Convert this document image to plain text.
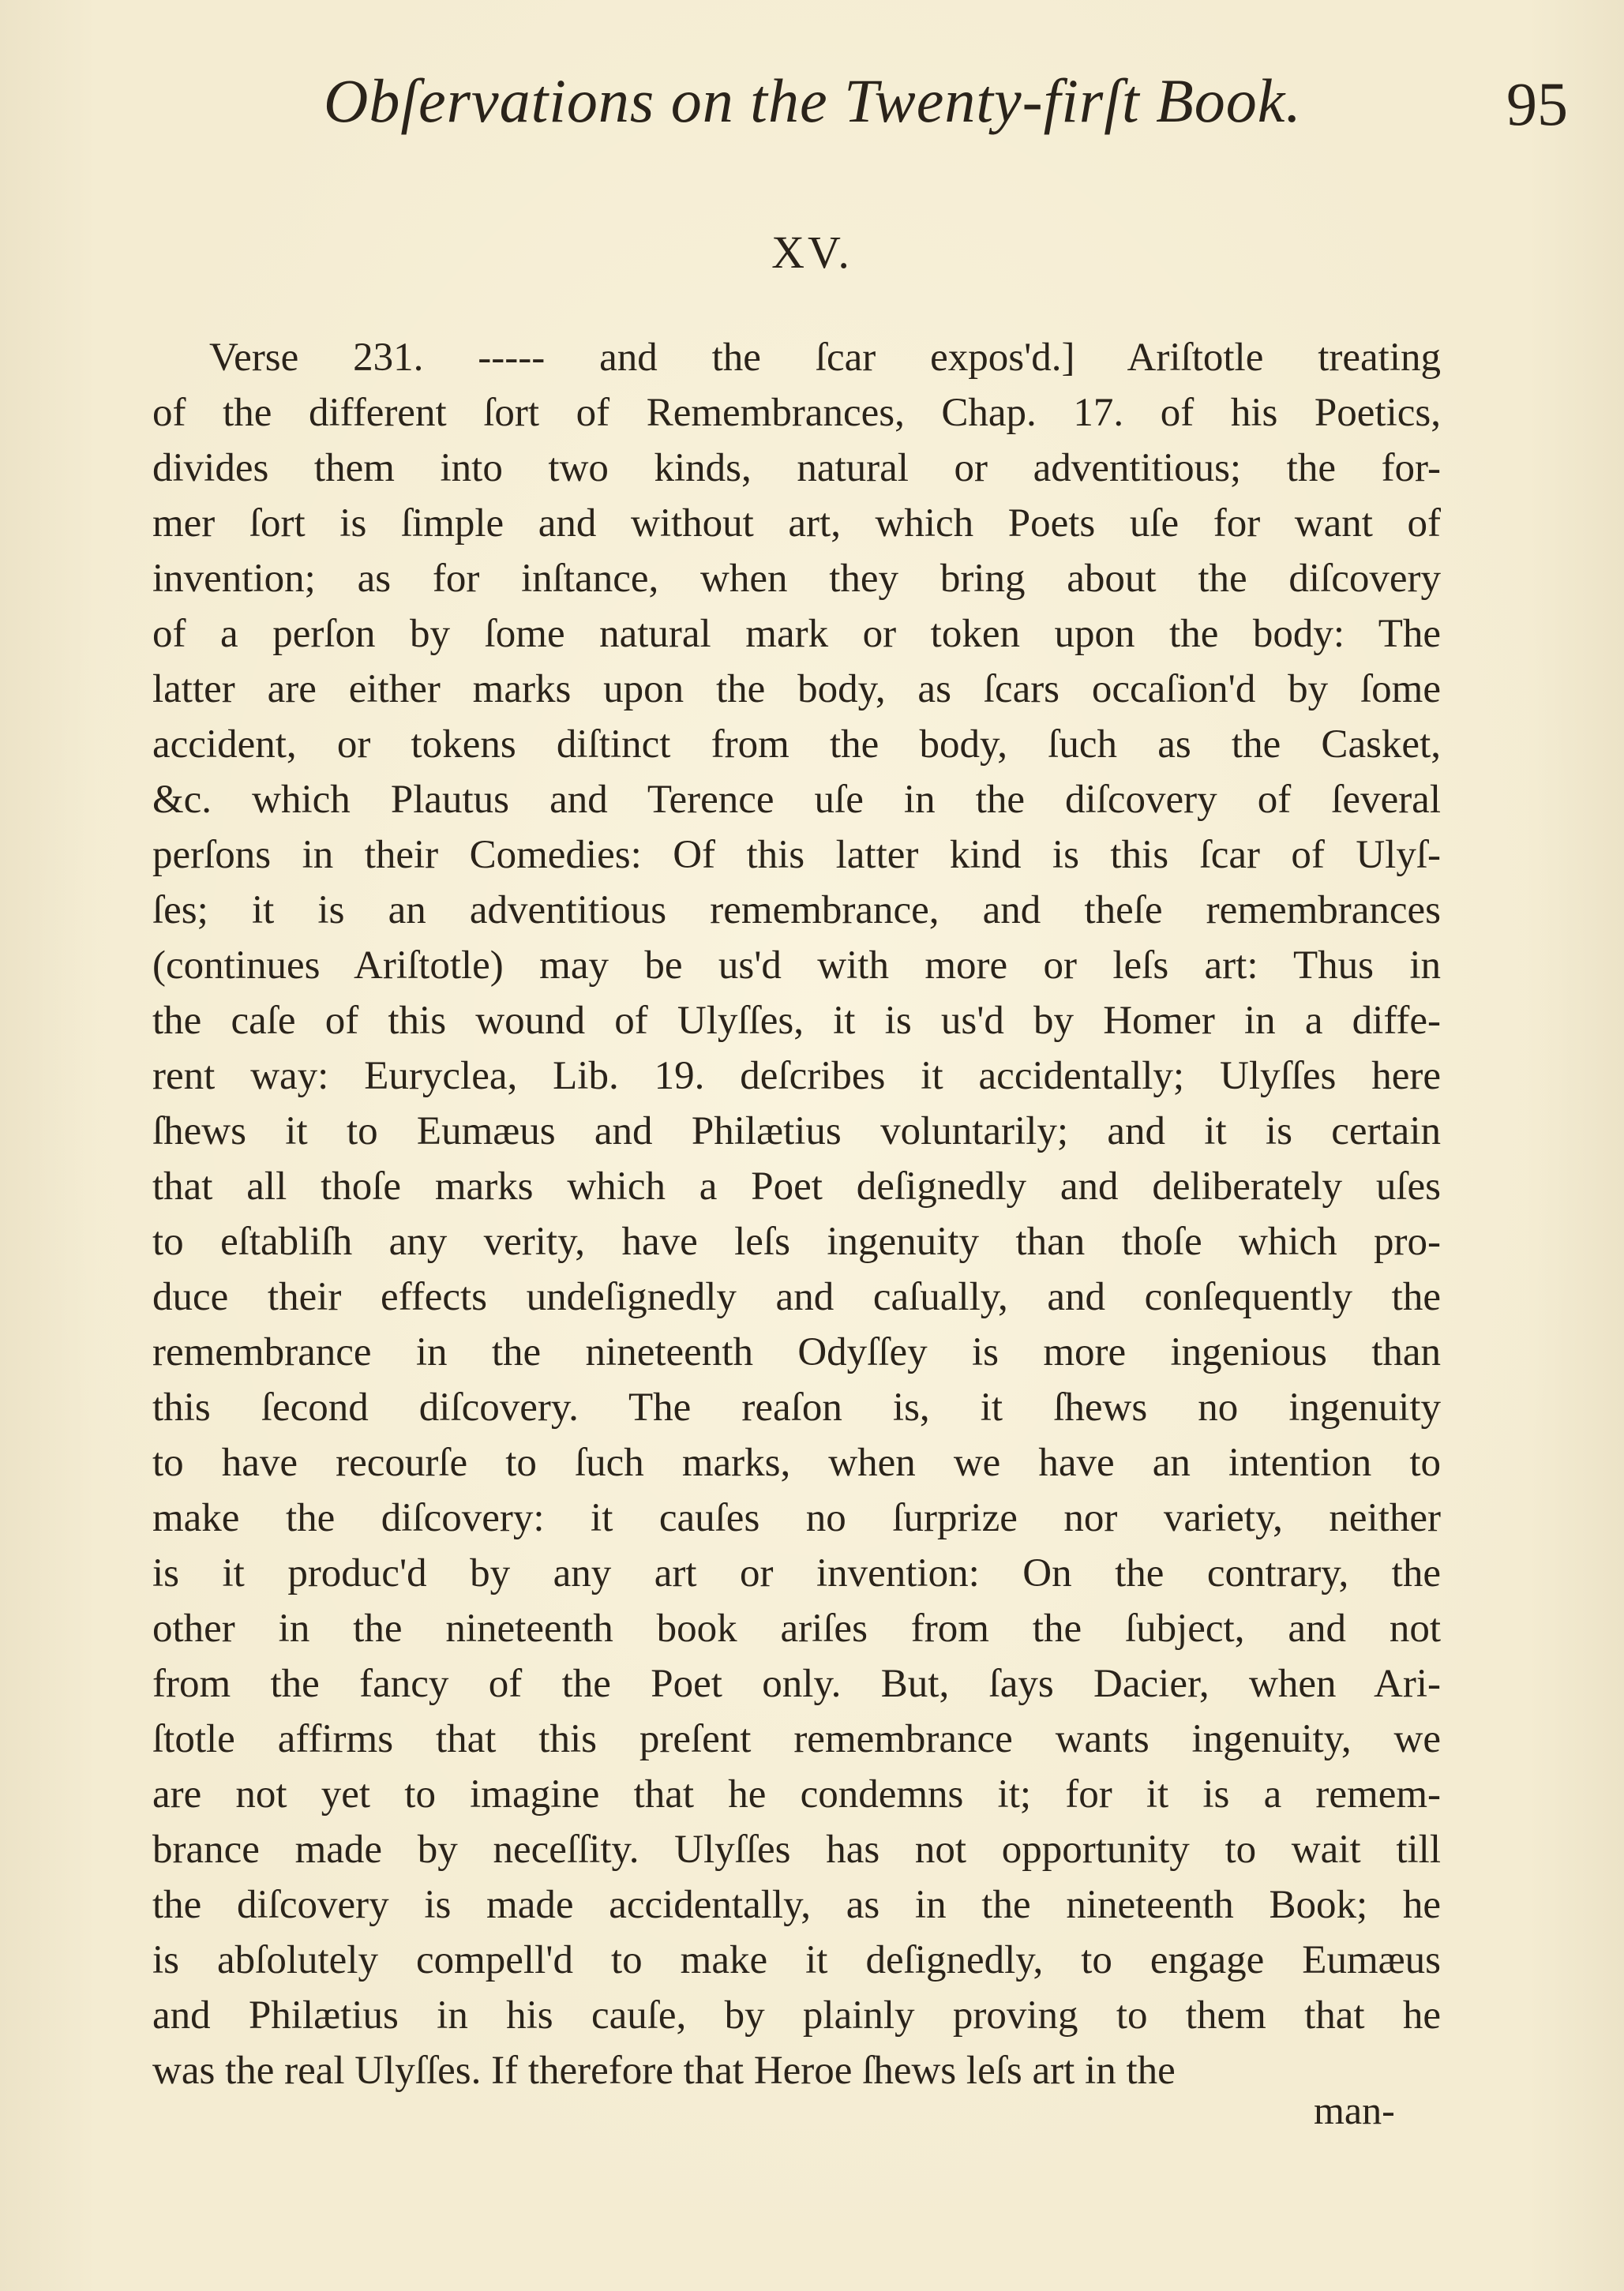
Obſervations on the Twenty-firſt Book.	95
XV.
Verse 231. ----- and the ſcar expos'd.] Ariſtotle treating
of the different ſort of Remembrances, Chap. 17. of his Poetics,
divides them into two kinds, natural or adventitious; the for-
mer ſort is ſimple and without art, which Poets uſe for want of
invention; as for inſtance, when they bring about the diſcovery
of a perſon by ſome natural mark or token upon the body: The
latter are either marks upon the body, as ſcars occaſion'd by ſome
accident, or tokens diſtinct from the body, ſuch as the Casket,
&c. which Plautus and Terence uſe in the diſcovery of ſeveral
perſons in their Comedies: Of this latter kind is this ſcar of Ulyſ-
ſes; it is an adventitious remembrance, and theſe remembrances
(continues Ariſtotle) may be us'd with more or leſs art: Thus in
the caſe of this wound of Ulyſſes, it is us'd by Homer in a diffe-
rent way: Euryclea, Lib. 19. deſcribes it accidentally; Ulyſſes here
ſhews it to Eumæus and Philætius voluntarily; and it is certain
that all thoſe marks which a Poet deſignedly and deliberately uſes
to eſtabliſh any verity, have leſs ingenuity than thoſe which pro-
duce their effects undeſignedly and caſually, and conſequently the
remembrance in the nineteenth Odyſſey is more ingenious than
this ſecond diſcovery. The reaſon is, it ſhews no ingenuity
to have recourſe to ſuch marks, when we have an intention to
make the diſcovery: it cauſes no ſurprize nor variety, neither
is it produc'd by any art or invention: On the contrary, the
other in the nineteenth book ariſes from the ſubject, and not
from the fancy of the Poet only. But, ſays Dacier, when Ari-
ſtotle affirms that this preſent remembrance wants ingenuity, we
are not yet to imagine that he condemns it; for it is a remem-
brance made by neceſſity. Ulyſſes has not opportunity to wait till
the diſcovery is made accidentally, as in the nineteenth Book; he
is abſolutely compell'd to make it deſignedly, to engage Eumæus
and Philætius in his cauſe, by plainly proving to them that he
was the real Ulyſſes. If therefore that Heroe ſhews leſs art in the
man-
